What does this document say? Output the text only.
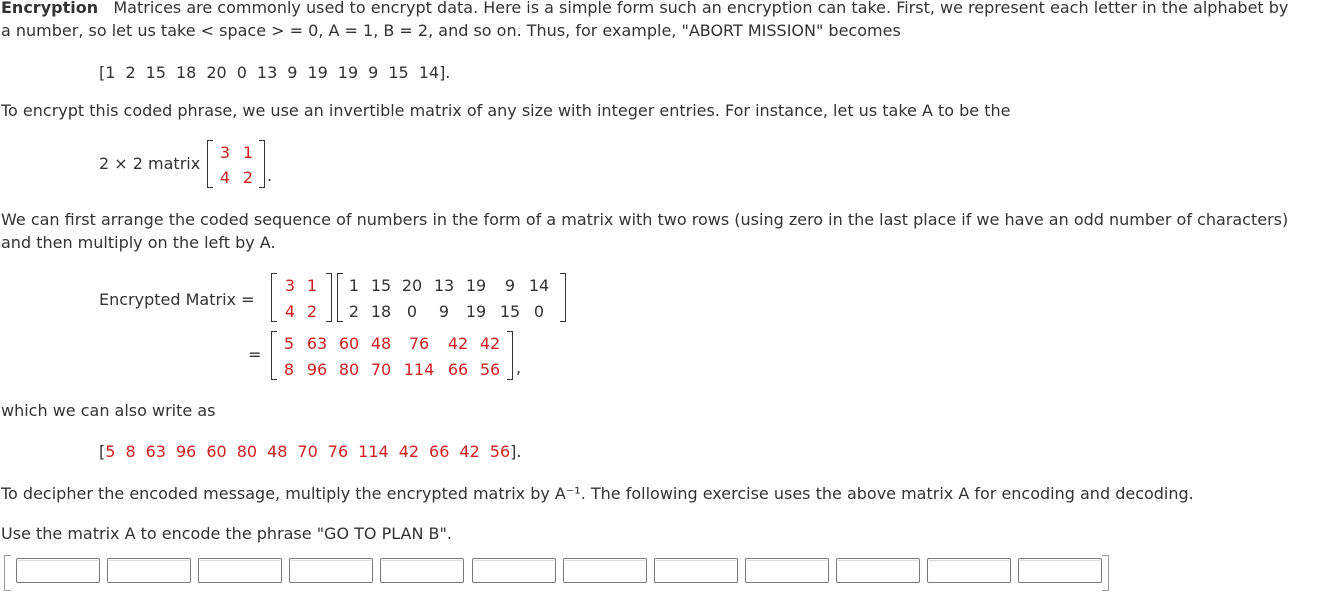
Encryption Matrices are commonly used to encrypt data. Here is a simple form such an encryption can take. First, we represent each letter in the alphabet by
a number, so let us take < space > = 0, A = 1, B = 2, and so on. Thus, for example, "ABORT MISSION" becomes
[1 2 15 18 20 0 13 9 19 19 9 15 14].
To encrypt this coded phrase, we use an invertible matrix of any size with integer entries. For instance, let us take A to be the
2 × 2 matrix
3 1
4 2 .
We can first arrange the coded sequence of numbers in the form of a matrix with two rows (using zero in the last place if we have an odd number of characters)
and then multiply on the left by A.
Encrypted Matrix =
3 1
4 2
1 15 20 13 19	9 14
2 18 0	9	19 15 0
=
5 63 60 48	76	42 42
8 96 80 70 114 66 56 ,
which we can also write as
[5 8 63 96 60 80 48 70 76 114 42 66 42 56].
To decipher the encoded message, multiply the encrypted matrix by A⁻¹. The following exercise uses the above matrix A for encoding and decoding.
Use the matrix A to encode the phrase "GO TO PLAN B".
